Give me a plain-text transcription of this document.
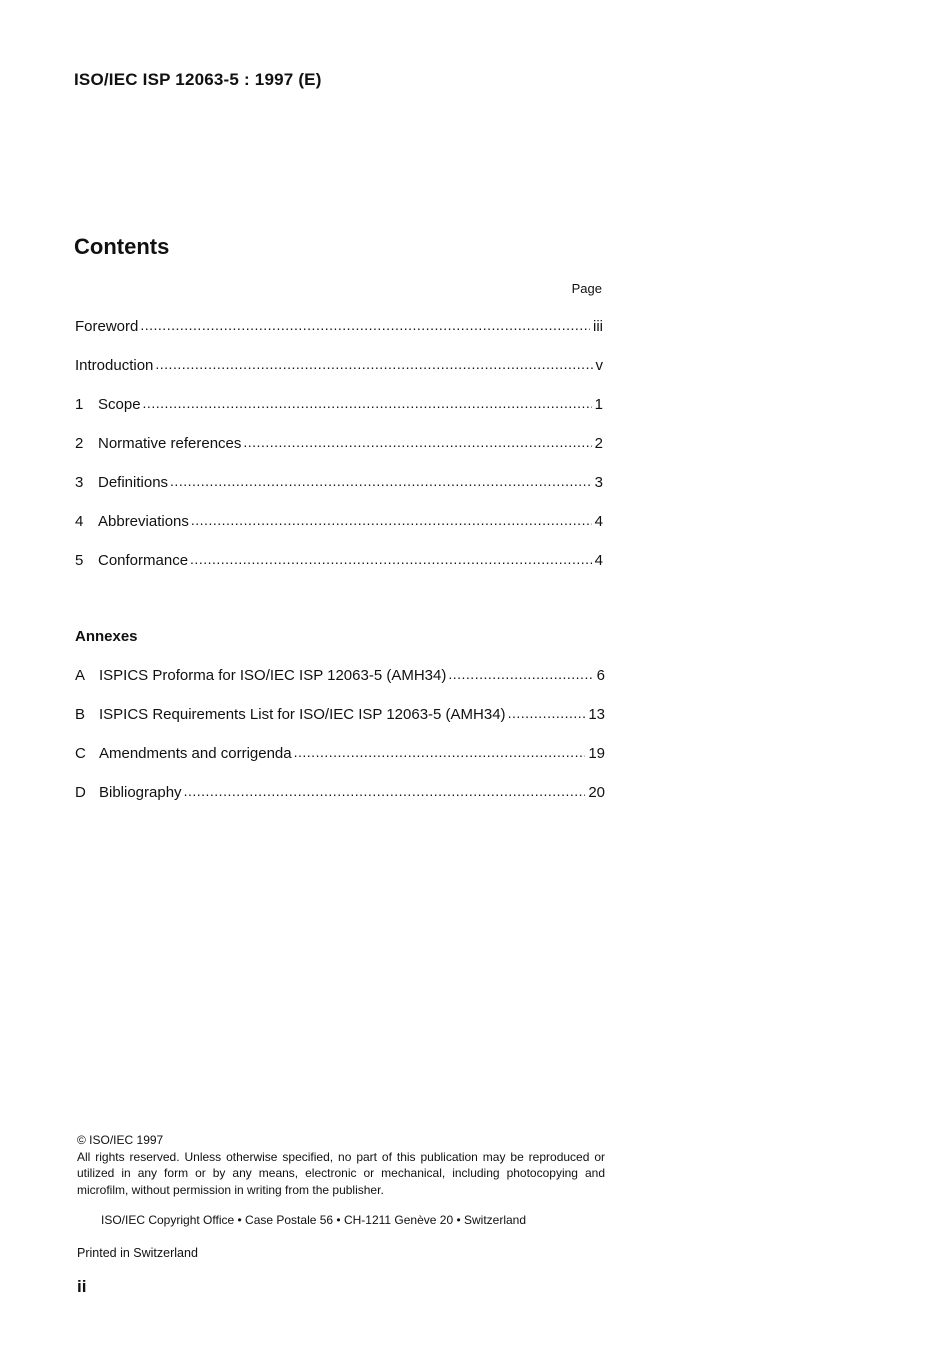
ISO/IEC ISP 12063-5 : 1997 (E)
Contents
Page
Foreword .....	iii
Introduction .....	v
1 Scope .....	1
2 Normative references .....	2
3 Definitions .....	3
4 Abbreviations .....	4
5 Conformance .....	4
Annexes
A ISPICS Proforma for ISO/IEC ISP 12063-5 (AMH34) .....	6
B ISPICS Requirements List for ISO/IEC ISP 12063-5 (AMH34) .....	13
C Amendments and corrigenda .....	19
D Bibliography .....	20
© ISO/IEC 1997
All rights reserved. Unless otherwise specified, no part of this publication may be reproduced or utilized in any form or by any means, electronic or mechanical, including photocopying and microfilm, without permission in writing from the publisher.
ISO/IEC Copyright Office • Case Postale 56 • CH-1211 Genève 20 • Switzerland
Printed in Switzerland
ii
